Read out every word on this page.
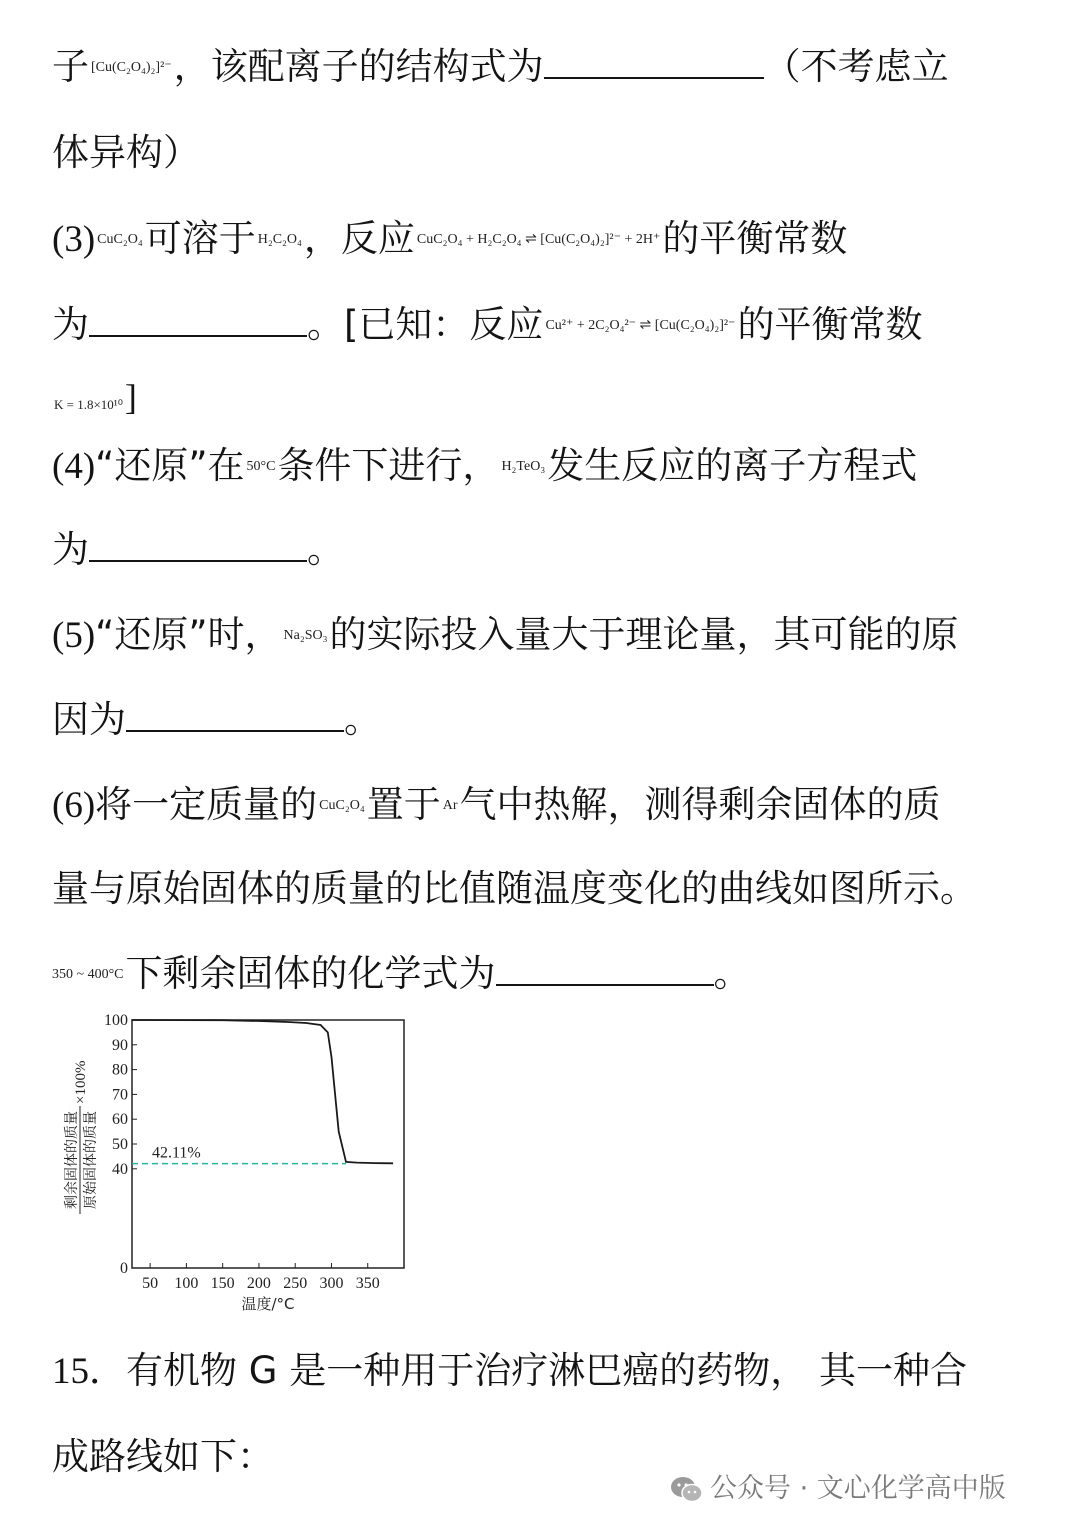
子 $^{[Cu(C_2O_4)_2]^{2-}}$，该配离子的结构式为	（不考虑立
体异构）
(3) $^{CuC_2O_4}$可溶于 $^{H_2C_2O_4}$，反应 $^{CuC_2O_4 + H_2C_2O_4 \rightleftharpoons [Cu(C_2O_4)_2]^{2-} + 2H^+}$的平衡常数
为	。[已知：反应 $^{Cu^{2+} + 2C_2O_4^{2-} \rightleftharpoons [Cu(C_2O_4)_2]^{2-}}$的平衡常数
K = 1.8×10¹⁰]
(4)“还原”在 $^{50^\circ C}$条件下进行， $^{H_2TeO_3}$发生反应的离子方程式
为	。
(5)“还原”时， $^{Na_2SO_3}$的实际投入量大于理论量，其可能的原
因为	。
(6)将一定质量的 $^{CuC_2O_4}$置于 $^{Ar}$气中热解，测得剩余固体的质
量与原始固体的质量的比值随温度变化的曲线如图所示。
$^{350 \sim 400^\circ C}$下剩余固体的化学式为	。
0
40
50
60
70
80
90
100
50 100 150 200 250 300 350
42.11%
温度/°C
剩余固体的质量 原始固体的质量
×100%
15．有机物 G 是一种用于治疗淋巴癌的药物， 其一种合
成路线如下：
公众号 · 文心化学高中版
